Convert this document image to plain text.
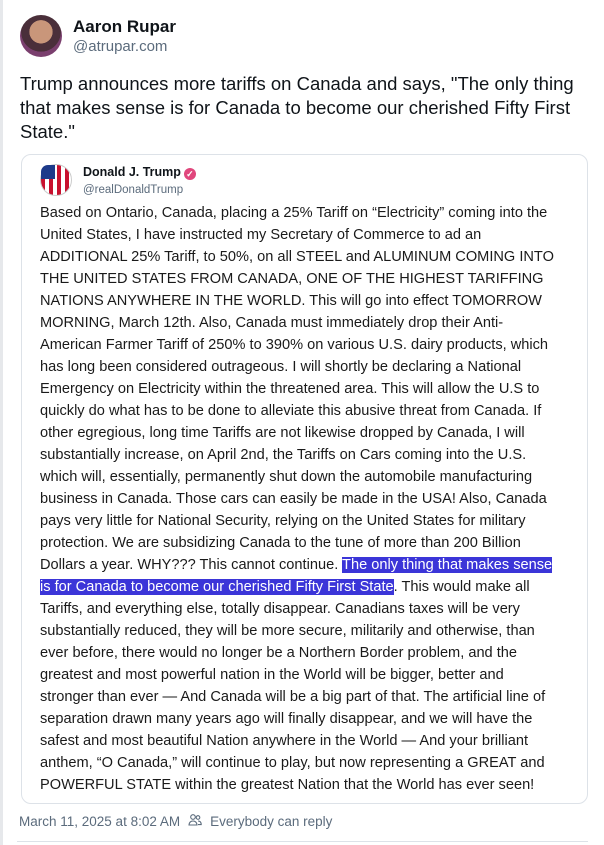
Aaron Rupar
@atrupar.com
Trump announces more tariffs on Canada and says, "The only thing that makes sense is for Canada to become our cherished Fifty First State."
Donald J. Trump ✓
@realDonaldTrump
Based on Ontario, Canada, placing a 25% Tariff on “Electricity” coming into the
United States, I have instructed my Secretary of Commerce to ad an
ADDITIONAL 25% Tariff, to 50%, on all STEEL and ALUMINUM COMING INTO
THE UNITED STATES FROM CANADA, ONE OF THE HIGHEST TARIFFING
NATIONS ANYWHERE IN THE WORLD. This will go into effect TOMORROW
MORNING, March 12th. Also, Canada must immediately drop their Anti-
American Farmer Tariff of 250% to 390% on various U.S. dairy products, which
has long been considered outrageous. I will shortly be declaring a National
Emergency on Electricity within the threatened area. This will allow the U.S to
quickly do what has to be done to alleviate this abusive threat from Canada. If
other egregious, long time Tariffs are not likewise dropped by Canada, I will
substantially increase, on April 2nd, the Tariffs on Cars coming into the U.S.
which will, essentially, permanently shut down the automobile manufacturing
business in Canada. Those cars can easily be made in the USA! Also, Canada
pays very little for National Security, relying on the United States for military
protection. We are subsidizing Canada to the tune of more than 200 Billion
Dollars a year. WHY??? This cannot continue. The only thing that makes sense
is for Canada to become our cherished Fifty First State. This would make all
Tariffs, and everything else, totally disappear. Canadians taxes will be very
substantially reduced, they will be more secure, militarily and otherwise, than
ever before, there would no longer be a Northern Border problem, and the
greatest and most powerful nation in the World will be bigger, better and
stronger than ever — And Canada will be a big part of that. The artificial line of
separation drawn many years ago will finally disappear, and we will have the
safest and most beautiful Nation anywhere in the World — And your brilliant
anthem, “O Canada,” will continue to play, but now representing a GREAT and
POWERFUL STATE within the greatest Nation that the World has ever seen!
March 11, 2025 at 8:02 AM Everybody can reply
